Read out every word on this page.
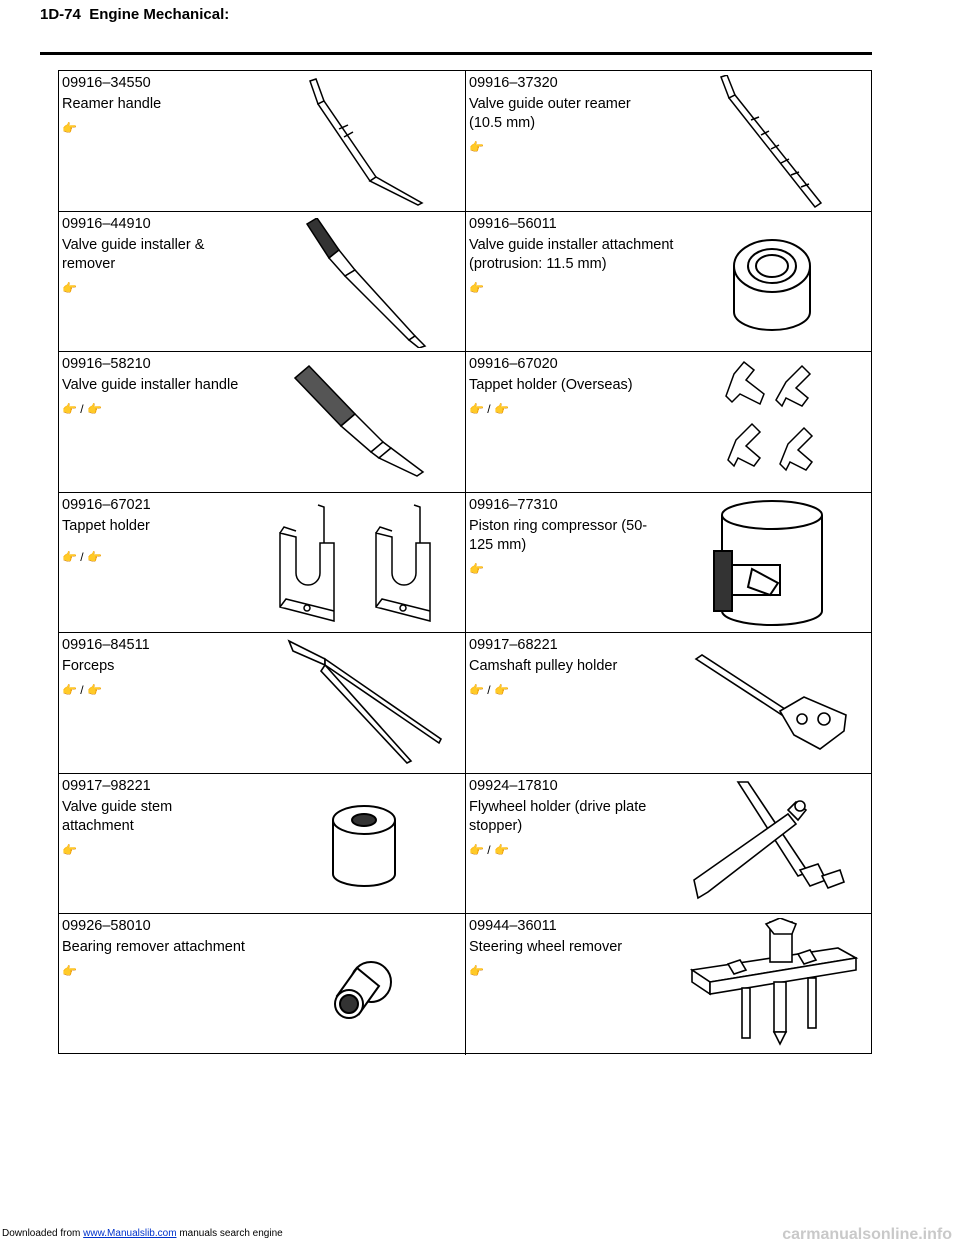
1D-74 Engine Mechanical:
09916–34550
Reamer handle
👉
09916–37320
Valve guide outer reamer (10.5 mm)
👉
09916–44910
Valve guide installer & remover
👉
09916–56011
Valve guide installer attachment (protrusion: 11.5 mm)
👉
09916–58210
Valve guide installer handle
👉 / 👉
09916–67020
Tappet holder (Overseas)
👉 / 👉
09916–67021
Tappet holder
👉 / 👉
09916–77310
Piston ring compressor (50-125 mm)
👉
09916–84511
Forceps
👉 / 👉
09917–68221
Camshaft pulley holder
👉 / 👉
09917–98221
Valve guide stem attachment
👉
09924–17810
Flywheel holder (drive plate stopper)
👉 / 👉
09926–58010
Bearing remover attachment
👉
09944–36011
Steering wheel remover
👉
Downloaded from www.Manualslib.com manuals search engine	carmanualsonline.info
